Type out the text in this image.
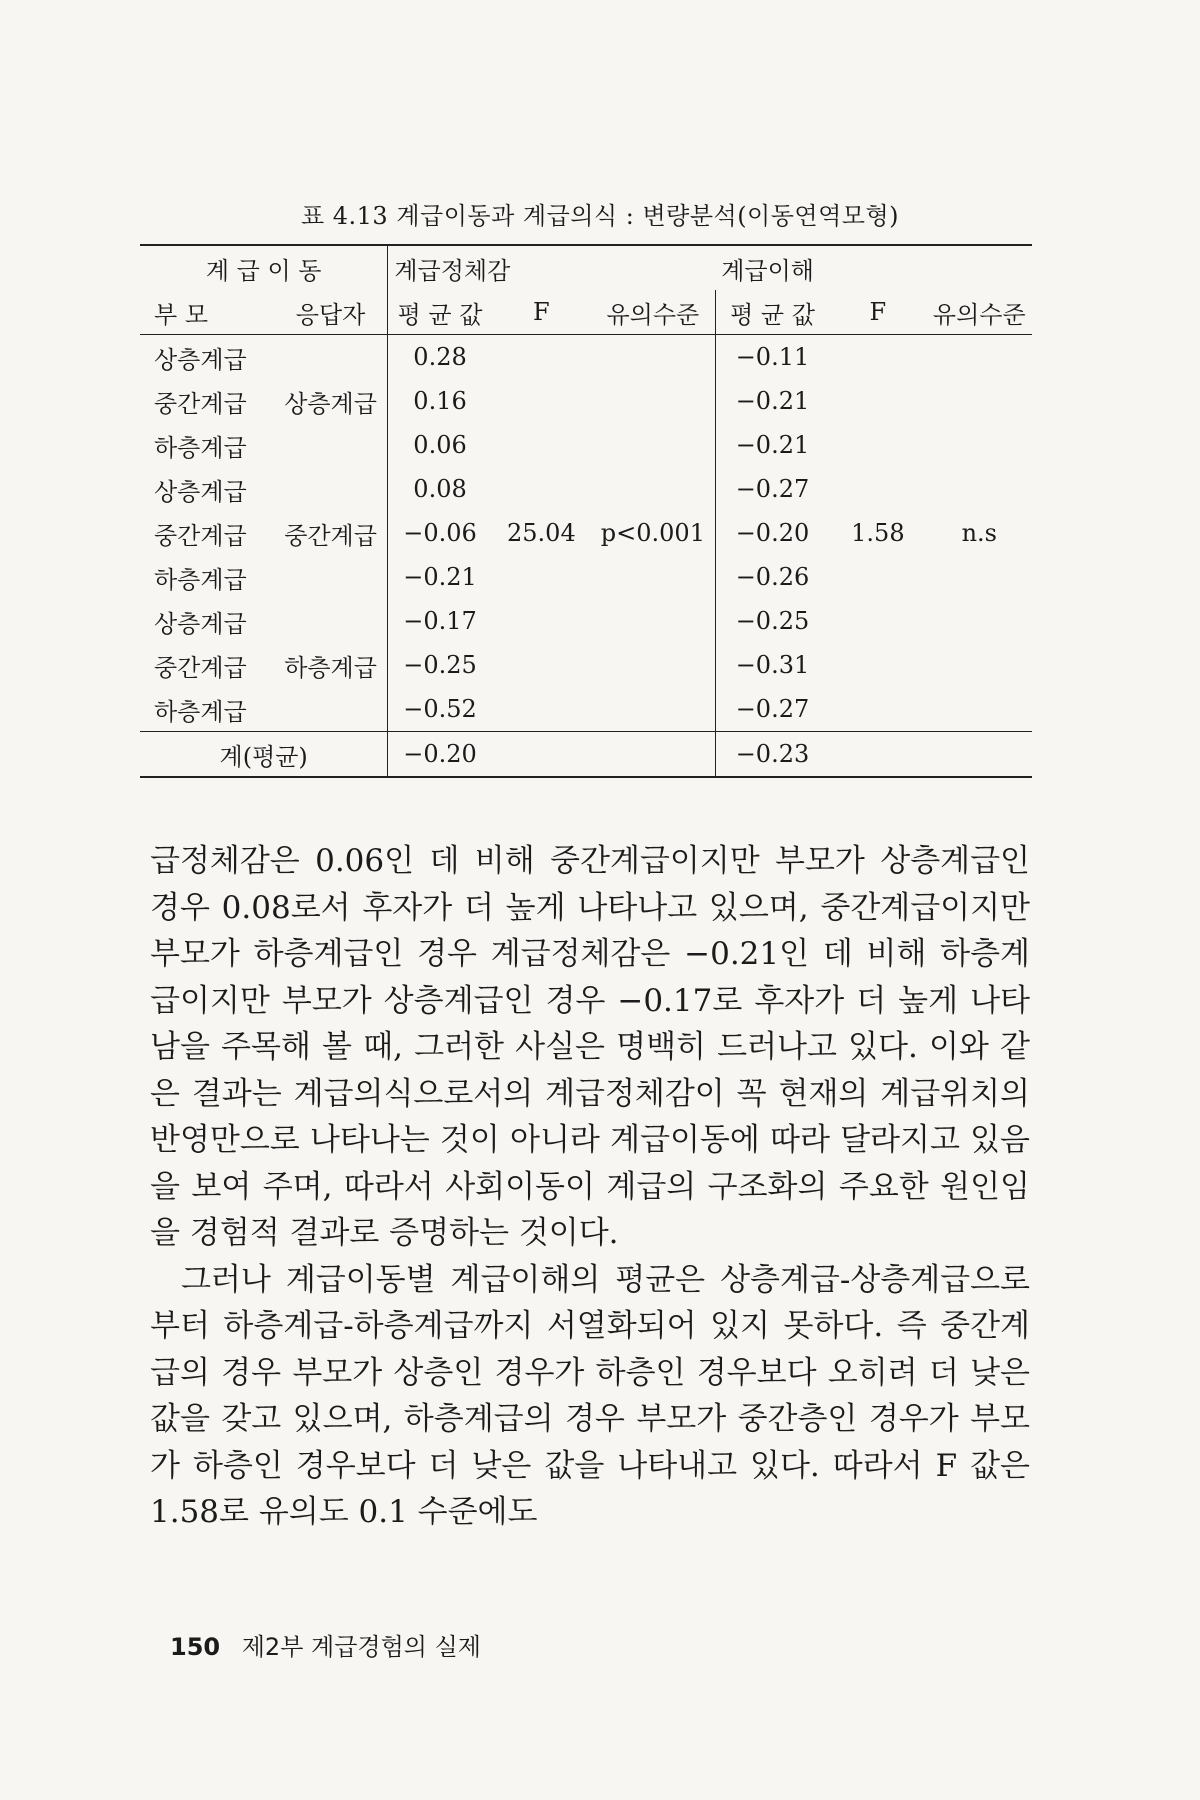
표 4.13 계급이동과 계급의식 : 변량분석(이동연역모형)
계 급 이 동		계급정체감			계급이해		
부 모	응답자	평 균 값	F	유의수준	평 균 값	F	유의수준
상층계급		0.28			−0.11		
중간계급	상층계급	0.16			−0.21		
하층계급		0.06			−0.21		
상층계급		0.08			−0.27		
중간계급	중간계급	−0.06	25.04	p<0.001	−0.20	1.58	n.s
하층계급		−0.21			−0.26		
상층계급		−0.17			−0.25		
중간계급	하층계급	−0.25			−0.31		
하층계급		−0.52			−0.27		
계(평균)		−0.20			−0.23		

급정체감은 0.06인 데 비해 중간계급이지만 부모가 상층계급인 경우 0.08로서 후자가 더 높게 나타나고 있으며, 중간계급이지만 부모가 하층계급인 경우 계급정체감은 −0.21인 데 비해 하층계급이지만 부모가 상층계급인 경우 −0.17로 후자가 더 높게 나타남을 주목해 볼 때, 그러한 사실은 명백히 드러나고 있다. 이와 같은 결과는 계급의식으로서의 계급정체감이 꼭 현재의 계급위치의 반영만으로 나타나는 것이 아니라 계급이동에 따라 달라지고 있음을 보여 주며, 따라서 사회이동이 계급의 구조화의 주요한 원인임을 경험적 결과로 증명하는 것이다.

그러나 계급이동별 계급이해의 평균은 상층계급-상층계급으로부터 하층계급-하층계급까지 서열화되어 있지 못하다. 즉 중간계급의 경우 부모가 상층인 경우가 하층인 경우보다 오히려 더 낮은 값을 갖고 있으며, 하층계급의 경우 부모가 중간층인 경우가 부모가 하층인 경우보다 더 낮은 값을 나타내고 있다. 따라서 F 값은 1.58로 유의도 0.1 수준에도

150 제2부 계급경험의 실제
